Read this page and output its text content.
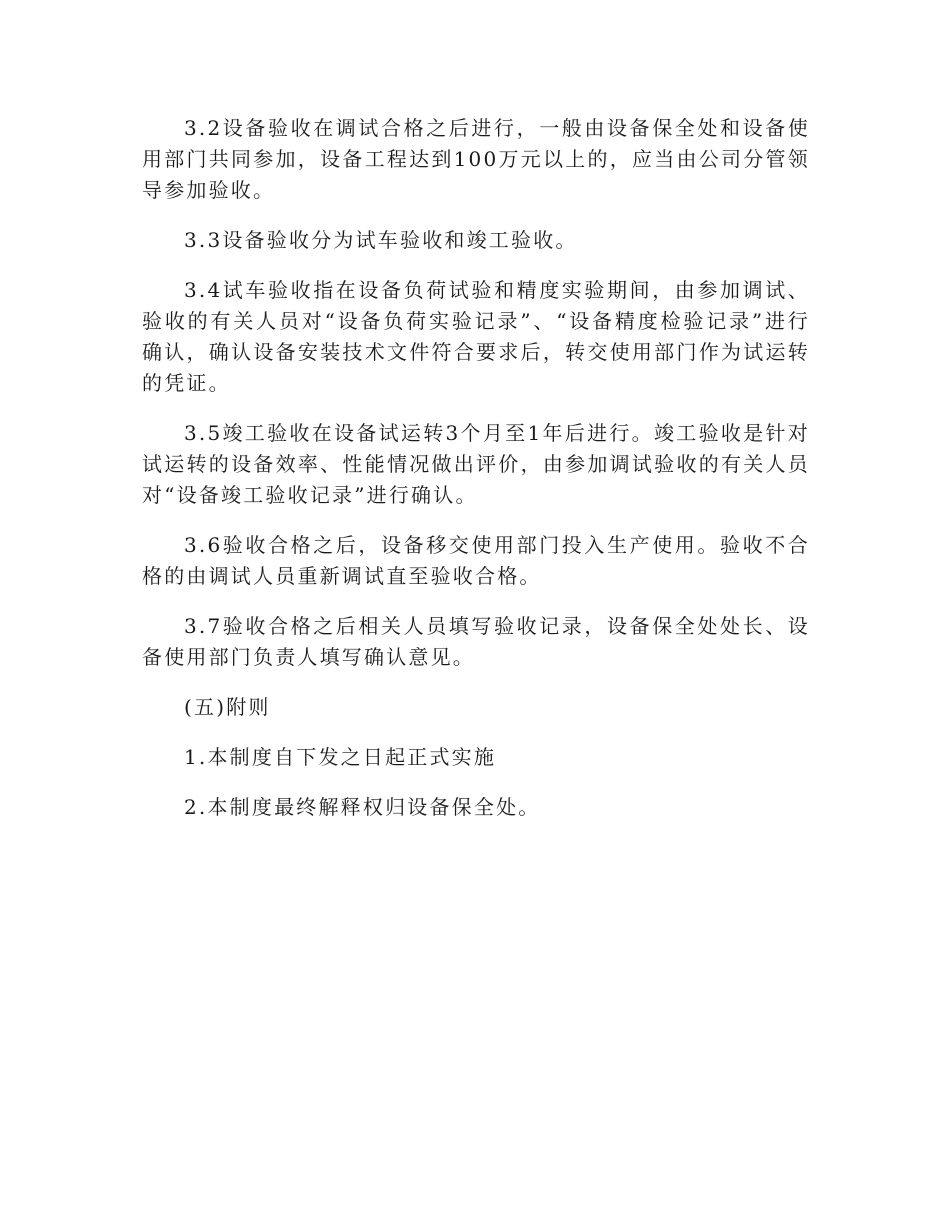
3.2设备验收在调试合格之后进行，一般由设备保全处和设备使用部门共同参加，设备工程达到100万元以上的，应当由公司分管领导参加验收。

3.3设备验收分为试车验收和竣工验收。

3.4试车验收指在设备负荷试验和精度实验期间，由参加调试、验收的有关人员对“设备负荷实验记录”、“设备精度检验记录”进行确认，确认设备安装技术文件符合要求后，转交使用部门作为试运转的凭证。

3.5竣工验收在设备试运转3个月至1年后进行。竣工验收是针对试运转的设备效率、性能情况做出评价，由参加调试验收的有关人员对“设备竣工验收记录”进行确认。

3.6验收合格之后，设备移交使用部门投入生产使用。验收不合格的由调试人员重新调试直至验收合格。

3.7验收合格之后相关人员填写验收记录，设备保全处处长、设备使用部门负责人填写确认意见。

(五)附则

1.本制度自下发之日起正式实施

2.本制度最终解释权归设备保全处。
